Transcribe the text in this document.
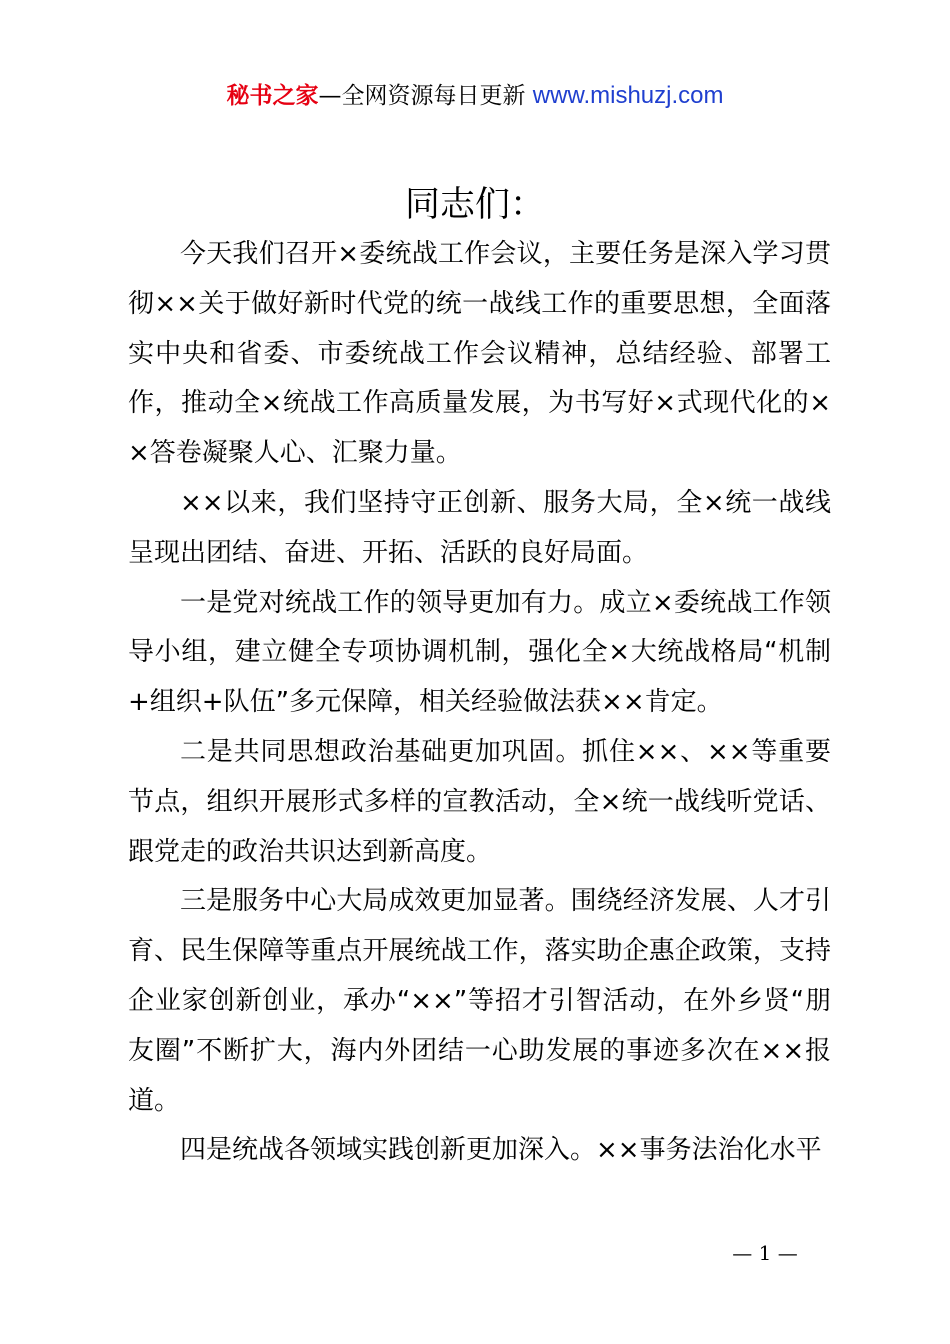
秘书之家—全网资源每日更新 www.mishuzj.com
同志们：

今天我们召开×委统战工作会议，主要任务是深入学习贯彻××关于做好新时代党的统一战线工作的重要思想，全面落实中央和省委、市委统战工作会议精神，总结经验、部署工作，推动全×统战工作高质量发展，为书写好×式现代化的××答卷凝聚人心、汇聚力量。

××以来，我们坚持守正创新、服务大局，全×统一战线呈现出团结、奋进、开拓、活跃的良好局面。

一是党对统战工作的领导更加有力。成立×委统战工作领导小组，建立健全专项协调机制，强化全×大统战格局“机制+组织+队伍”多元保障，相关经验做法获××肯定。

二是共同思想政治基础更加巩固。抓住××、××等重要节点，组织开展形式多样的宣教活动，全×统一战线听党话、跟党走的政治共识达到新高度。

三是服务中心大局成效更加显著。围绕经济发展、人才引育、民生保障等重点开展统战工作，落实助企惠企政策，支持企业家创新创业，承办“××”等招才引智活动，在外乡贤“朋友圈”不断扩大，海内外团结一心助发展的事迹多次在××报道。

四是统战各领域实践创新更加深入。××事务法治化水平

— 1 —
